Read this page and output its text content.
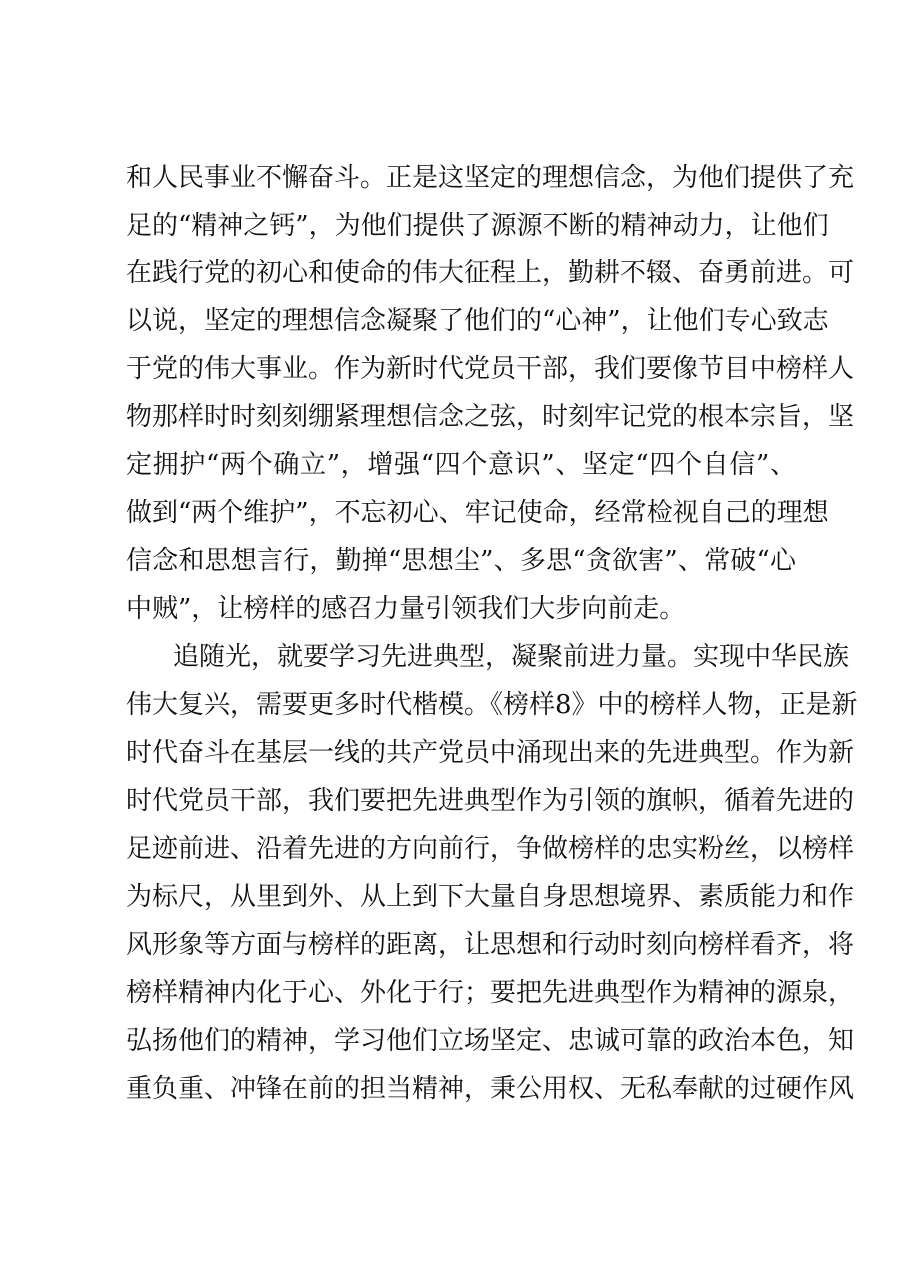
和人民事业不懈奋斗。正是这坚定的理想信念，为他们提供了充

足的“精神之钙”，为他们提供了源源不断的精神动力，让他们

在践行党的初心和使命的伟大征程上，勤耕不辍、奋勇前进。可

以说，坚定的理想信念凝聚了他们的“心神”，让他们专心致志

于党的伟大事业。作为新时代党员干部，我们要像节目中榜样人

物那样时时刻刻绷紧理想信念之弦，时刻牢记党的根本宗旨，坚

定拥护“两个确立”，增强“四个意识”、坚定“四个自信”、

做到“两个维护”，不忘初心、牢记使命，经常检视自己的理想

信念和思想言行，勤掸“思想尘”、多思“贪欲害”、常破“心

中贼”，让榜样的感召力量引领我们大步向前走。

追随光，就要学习先进典型，凝聚前进力量。实现中华民族

伟大复兴，需要更多时代楷模。《榜样8》中的榜样人物，正是新

时代奋斗在基层一线的共产党员中涌现出来的先进典型。作为新

时代党员干部，我们要把先进典型作为引领的旗帜，循着先进的

足迹前进、沿着先进的方向前行，争做榜样的忠实粉丝，以榜样

为标尺，从里到外、从上到下大量自身思想境界、素质能力和作

风形象等方面与榜样的距离，让思想和行动时刻向榜样看齐，将

榜样精神内化于心、外化于行；要把先进典型作为精神的源泉，

弘扬他们的精神，学习他们立场坚定、忠诚可靠的政治本色，知

重负重、冲锋在前的担当精神，秉公用权、无私奉献的过硬作风
